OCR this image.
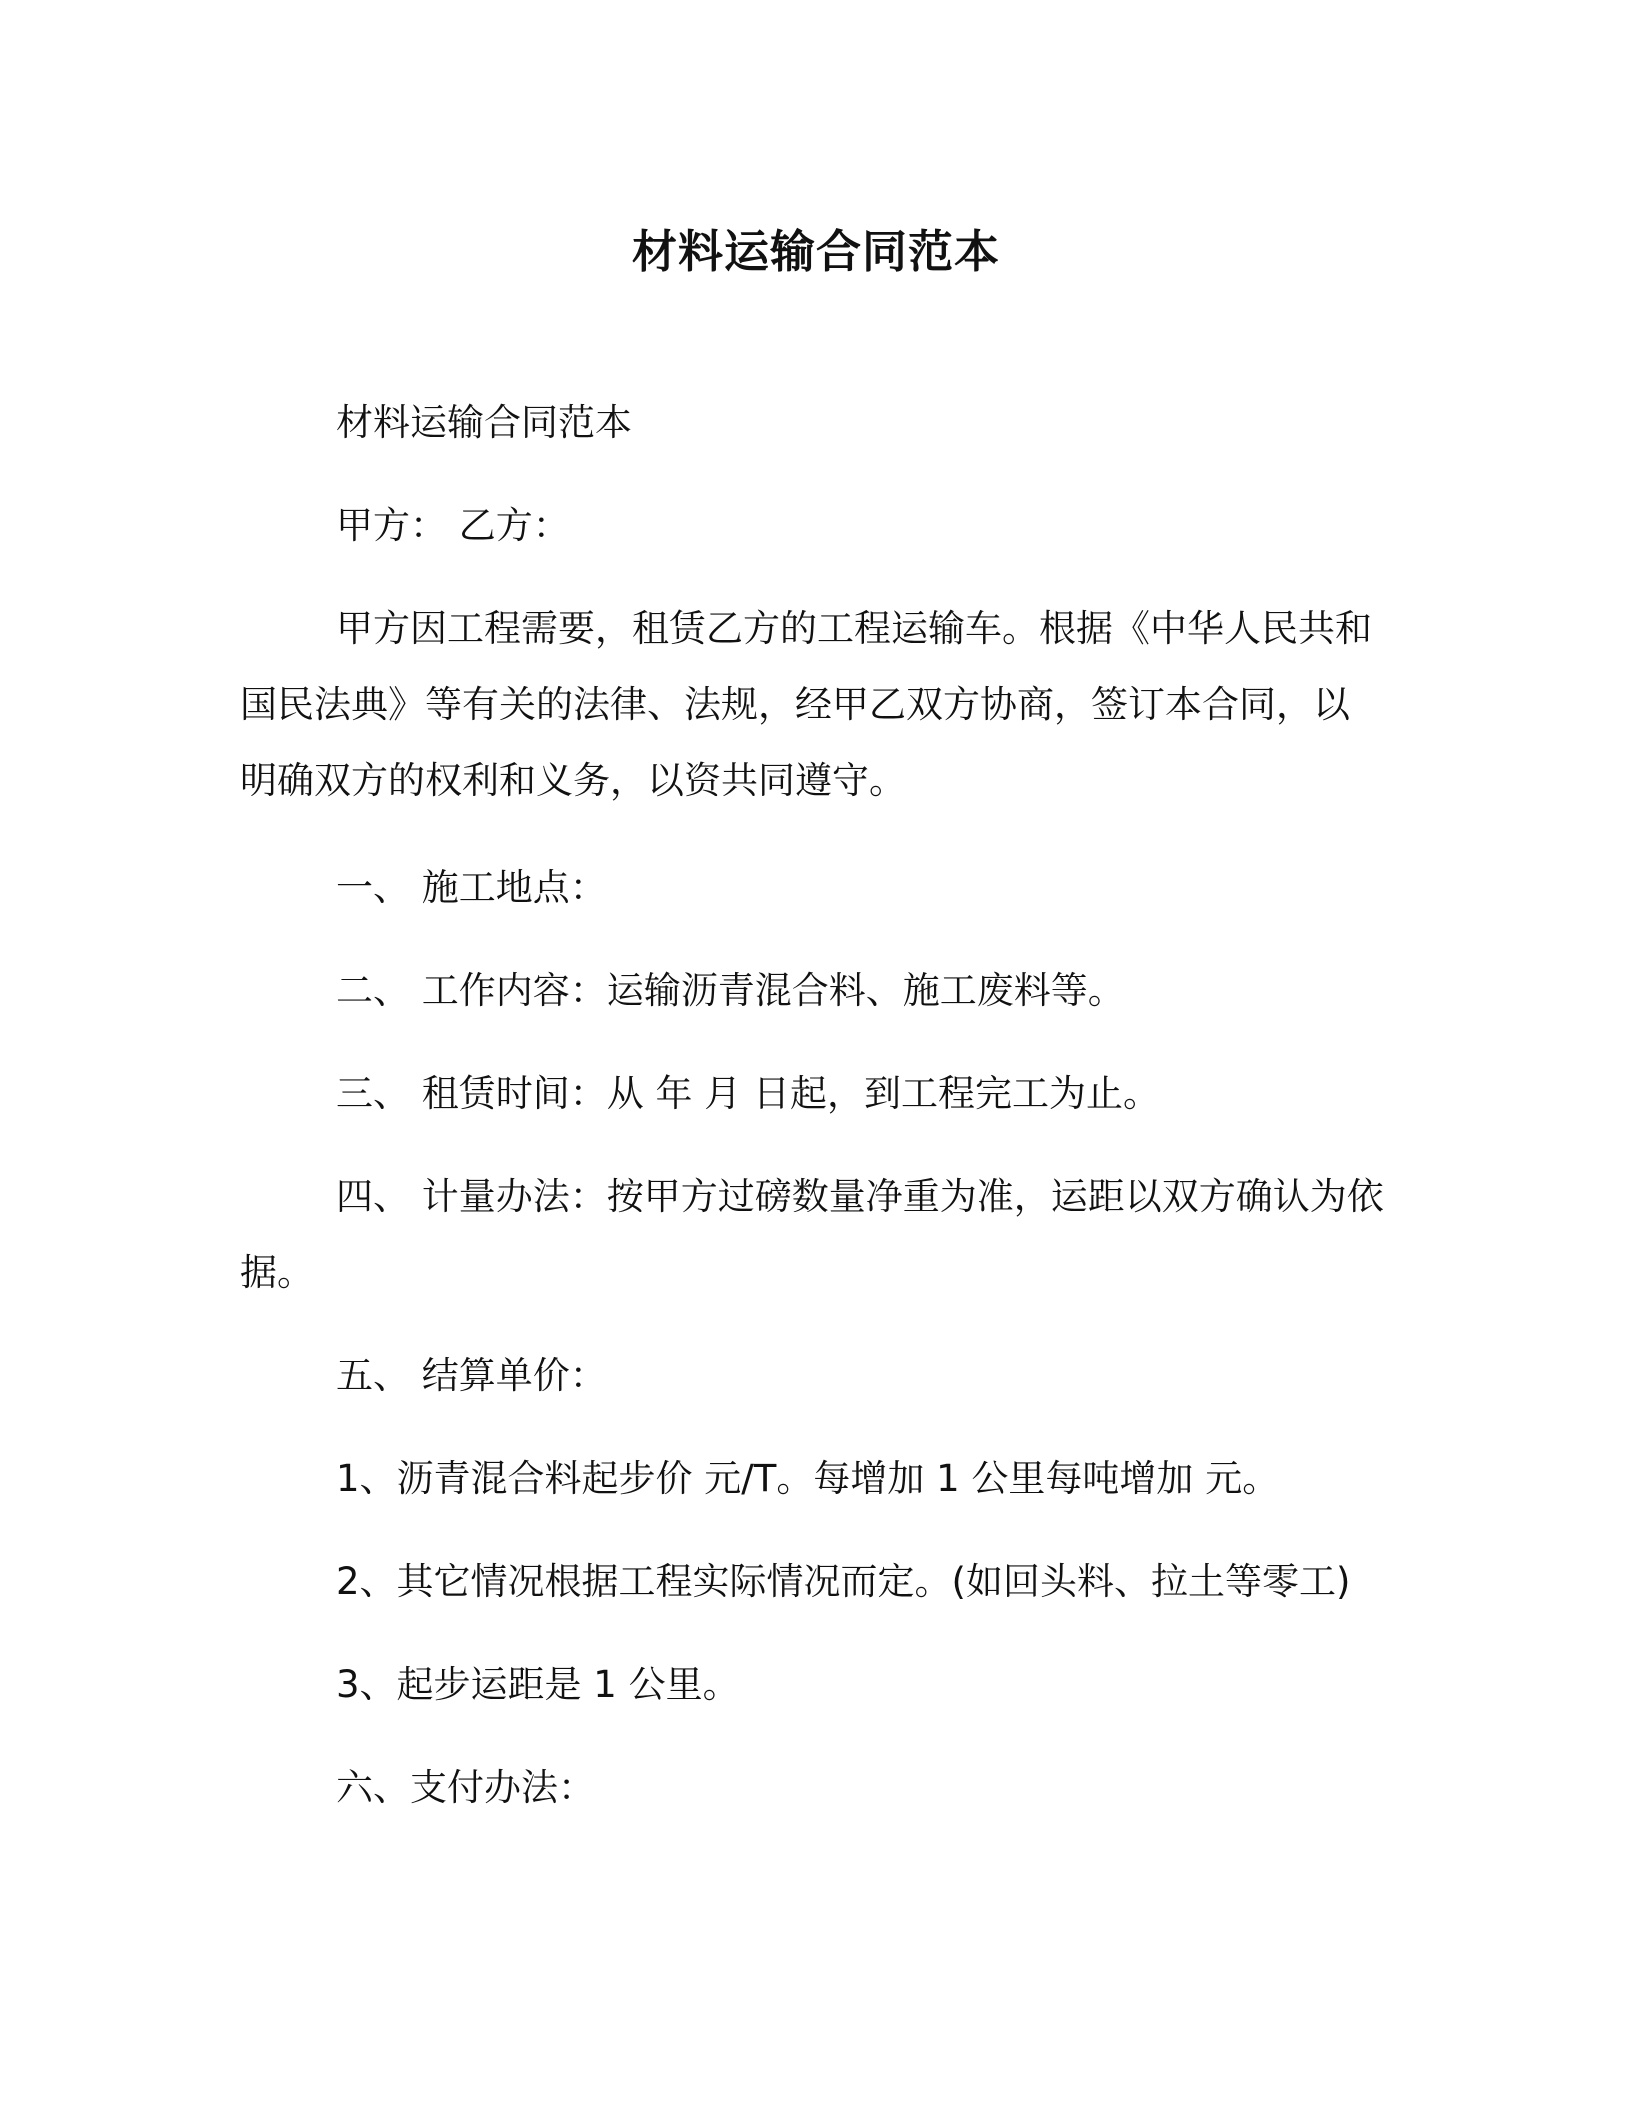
材料运输合同范本

材料运输合同范本

甲方： 乙方：

甲方因工程需要，租赁乙方的工程运输车。根据《中华人民共和
国民法典》等有关的法律、法规，经甲乙双方协商，签订本合同，以
明确双方的权利和义务，以资共同遵守。

一、 施工地点：

二、 工作内容：运输沥青混合料、施工废料等。

三、 租赁时间：从 年 月 日起，到工程完工为止。

四、 计量办法：按甲方过磅数量净重为准，运距以双方确认为依
据。

五、 结算单价：

1、沥青混合料起步价 元/T。每增加 1 公里每吨增加 元。

2、其它情况根据工程实际情况而定。(如回头料、拉土等零工)

3、起步运距是 1 公里。

六、支付办法：
